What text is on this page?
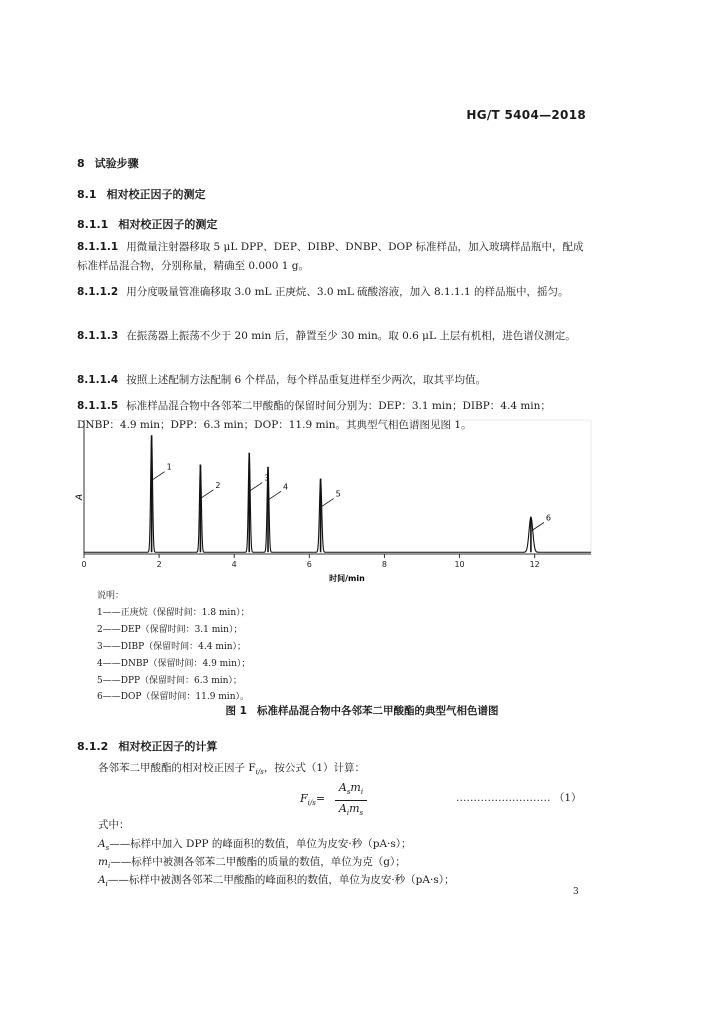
HG/T 5404—2018
8 试验步骤
8.1 相对校正因子的测定
8.1.1 相对校正因子的测定
8.1.1.1 用微量注射器移取 5 μL DPP、DEP、DIBP、DNBP、DOP 标准样品，加入玻璃样品瓶中，配成标准样品混合物，分别称量，精确至 0.000 1 g。
8.1.1.2 用分度吸量管准确移取 3.0 mL 正庚烷、3.0 mL 硫酸溶液，加入 8.1.1.1 的样品瓶中，摇匀。
8.1.1.3 在振荡器上振荡不少于 20 min 后，静置至少 30 min。取 0.6 μL 上层有机相，进色谱仪测定。
8.1.1.4 按照上述配制方法配制 6 个样品，每个样品重复进样至少两次，取其平均值。
8.1.1.5 标准样品混合物中各邻苯二甲酸酯的保留时间分别为：DEP：3.1 min；DIBP：4.4 min；DNBP：4.9 min；DPP：6.3 min；DOP：11.9 min。其典型气相色谱图见图 1。
0	2	4	6	8	10	12
1
2
3
4
5
6
A
时间/min
说明：
1——正庚烷（保留时间：1.8 min）；
2——DEP（保留时间：3.1 min）；
3——DIBP（保留时间：4.4 min）；
4——DNBP（保留时间：4.9 min）；
5——DPP（保留时间：6.3 min）；
6——DOP（保留时间：11.9 min）。
图 1 标准样品混合物中各邻苯二甲酸酯的典型气相色谱图
8.1.2 相对校正因子的计算
各邻苯二甲酸酯的相对校正因子 $F_{i/s}$，按公式（1）计算：
$F_{i/s}=$
$A_sm_i$
$A_im_s$
……………………… （1）
式中：
$A_s——$标样中加入 DPP 的峰面积的数值，单位为皮安·秒（pA·s）；
$m_i——$标样中被测各邻苯二甲酸酯的质量的数值，单位为克（g）；
$A_i——$标样中被测各邻苯二甲酸酯的峰面积的数值，单位为皮安·秒（pA·s）；
3
